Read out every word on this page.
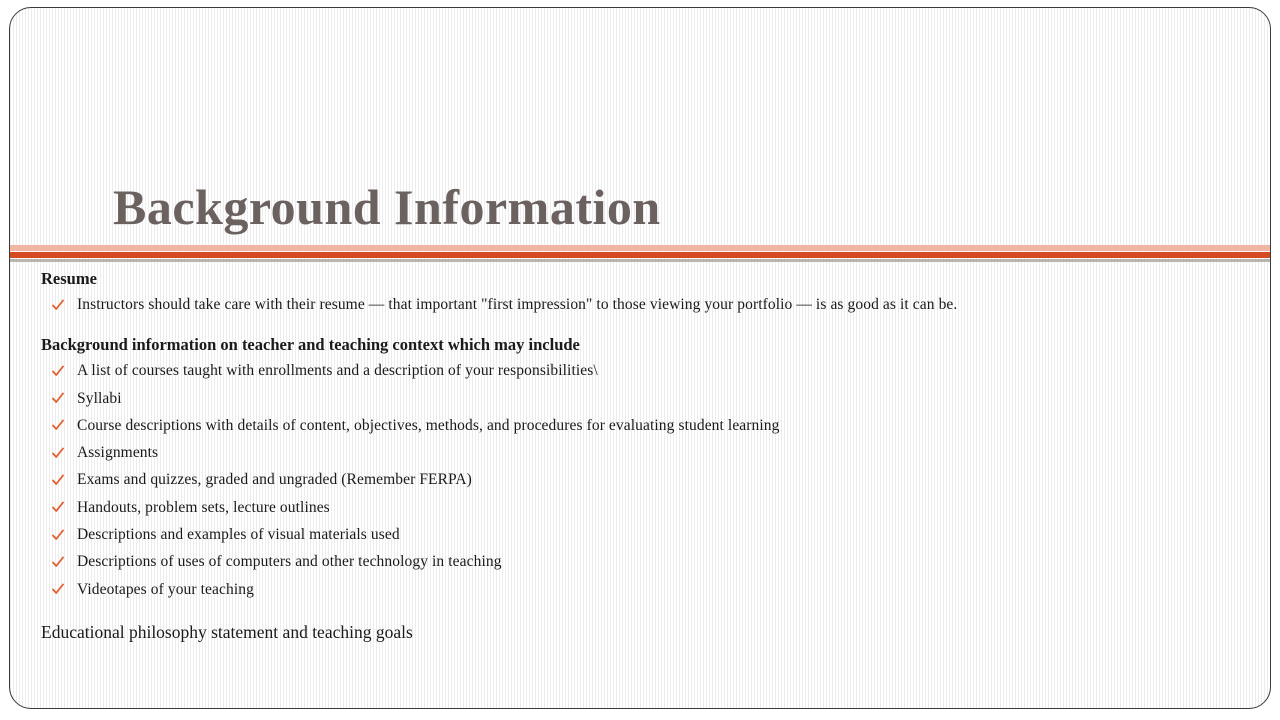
Background Information
Resume
Instructors should take care with their resume — that important "first impression" to those viewing your portfolio — is as good as it can be.
Background information on teacher and teaching context which may include
A list of courses taught with enrollments and a description of your responsibilities\
Syllabi
Course descriptions with details of content, objectives, methods, and procedures for evaluating student learning
Assignments
Exams and quizzes, graded and ungraded (Remember FERPA)
Handouts, problem sets, lecture outlines
Descriptions and examples of visual materials used
Descriptions of uses of computers and other technology in teaching
Videotapes of your teaching
Educational philosophy statement and teaching goals
